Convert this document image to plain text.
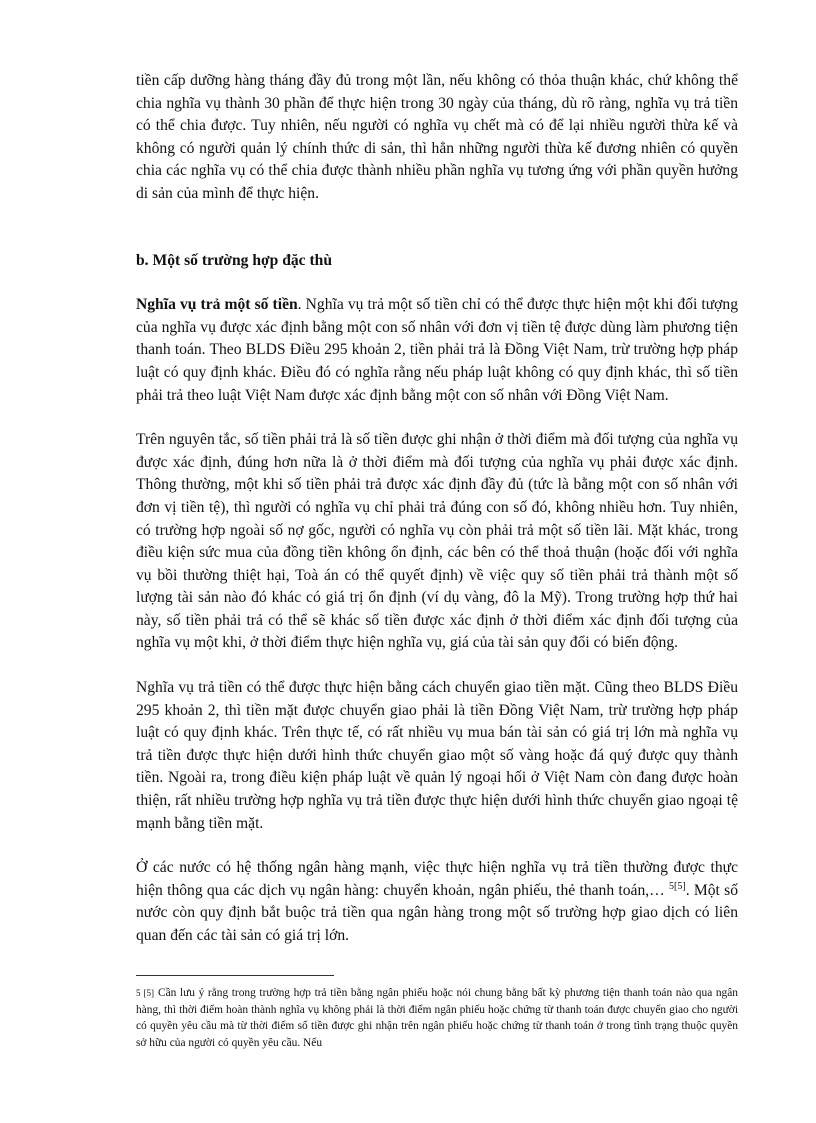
tiền cấp dưỡng hàng tháng đầy đủ trong một lần, nếu không có thỏa thuận khác, chứ không thể chia nghĩa vụ thành 30 phần để thực hiện trong 30 ngày của tháng, dù rõ ràng, nghĩa vụ trả tiền có thể chia được. Tuy nhiên, nếu người có nghĩa vụ chết mà có để lại nhiều người thừa kế và không có người quản lý chính thức di sản, thì hẳn những người thừa kế đương nhiên có quyền chia các nghĩa vụ có thể chia được thành nhiều phần nghĩa vụ tương ứng với phần quyền hưởng di sản của mình để thực hiện.

b. Một số trường hợp đặc thù

Nghĩa vụ trả một số tiền. Nghĩa vụ trả một số tiền chỉ có thể được thực hiện một khi đối tượng của nghĩa vụ được xác định bằng một con số nhân với đơn vị tiền tệ được dùng làm phương tiện thanh toán. Theo BLDS Điều 295 khoản 2, tiền phải trả là Đồng Việt Nam, trừ trường hợp pháp luật có quy định khác. Điều đó có nghĩa rằng nếu pháp luật không có quy định khác, thì số tiền phải trả theo luật Việt Nam được xác định bằng một con số nhân với Đồng Việt Nam.

Trên nguyên tắc, số tiền phải trả là số tiền được ghi nhận ở thời điểm mà đối tượng của nghĩa vụ được xác định, đúng hơn nữa là ở thời điểm mà đối tượng của nghĩa vụ phải được xác định. Thông thường, một khi số tiền phải trả được xác định đầy đủ (tức là bằng một con số nhân với đơn vị tiền tệ), thì người có nghĩa vụ chỉ phải trả đúng con số đó, không nhiều hơn. Tuy nhiên, có trường hợp ngoài số nợ gốc, người có nghĩa vụ còn phải trả một số tiền lãi. Mặt khác, trong điều kiện sức mua của đồng tiền không ổn định, các bên có thể thoả thuận (hoặc đối với nghĩa vụ bồi thường thiệt hại, Toà án có thể quyết định) về việc quy số tiền phải trả thành một số lượng tài sản nào đó khác có giá trị ổn định (ví dụ vàng, đô la Mỹ). Trong trường hợp thứ hai này, số tiền phải trả có thể sẽ khác số tiền được xác định ở thời điểm xác định đối tượng của nghĩa vụ một khi, ở thời điểm thực hiện nghĩa vụ, giá của tài sản quy đổi có biến động.

Nghĩa vụ trả tiền có thể được thực hiện bằng cách chuyển giao tiền mặt. Cũng theo BLDS Điều 295 khoản 2, thì tiền mặt được chuyển giao phải là tiền Đồng Việt Nam, trừ trường hợp pháp luật có quy định khác. Trên thực tế, có rất nhiều vụ mua bán tài sản có giá trị lớn mà nghĩa vụ trả tiền được thực hiện dưới hình thức chuyển giao một số vàng hoặc đá quý được quy thành tiền. Ngoài ra, trong điều kiện pháp luật về quản lý ngoại hối ở Việt Nam còn đang được hoàn thiện, rất nhiều trường hợp nghĩa vụ trả tiền được thực hiện dưới hình thức chuyển giao ngoại tệ mạnh bằng tiền mặt.

Ở các nước có hệ thống ngân hàng mạnh, việc thực hiện nghĩa vụ trả tiền thường được thực hiện thông qua các dịch vụ ngân hàng: chuyển khoản, ngân phiếu, thẻ thanh toán,… $^{5[5]}$. Một số nước còn quy định bắt buộc trả tiền qua ngân hàng trong một số trường hợp giao dịch có liên quan đến các tài sản có giá trị lớn.

$^{5 [5]}$ Cần lưu ý rằng trong trường hợp trả tiền bằng ngân phiếu hoặc nói chung bằng bất kỳ phương tiện thanh toán nào qua ngân hàng, thì thời điểm hoàn thành nghĩa vụ không phải là thời điểm ngân phiếu hoặc chứng từ thanh toán được chuyển giao cho người có quyền yêu cầu mà từ thời điểm số tiền được ghi nhận trên ngân phiếu hoặc chứng từ thanh toán ở trong tình trạng thuộc quyền sở hữu của người có quyền yêu cầu. Nếu
